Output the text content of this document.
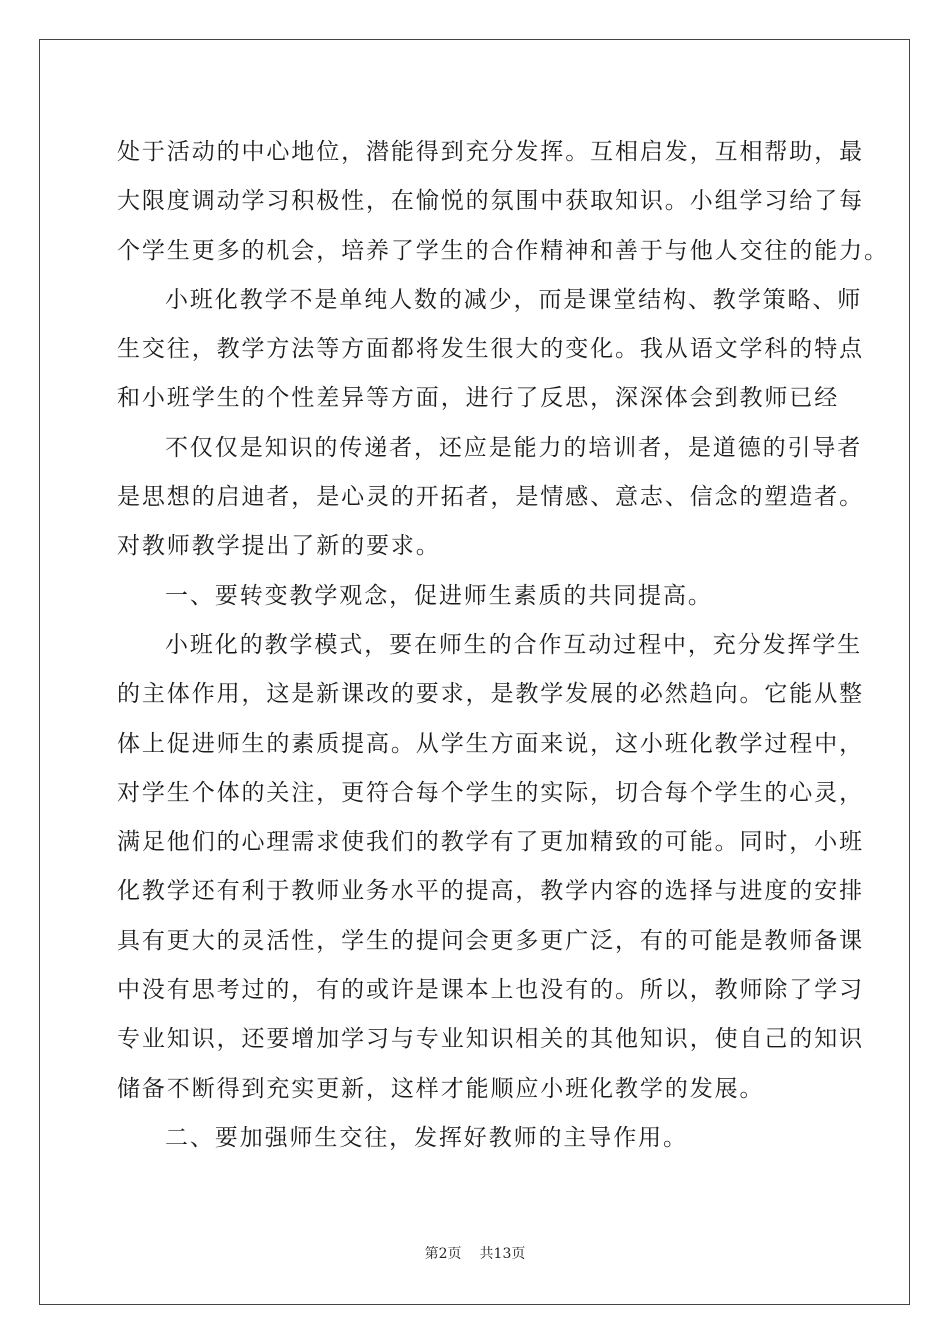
处于活动的中心地位，潜能得到充分发挥。互相启发，互相帮助，最
大限度调动学习积极性，在愉悦的氛围中获取知识。小组学习给了每
个学生更多的机会，培养了学生的合作精神和善于与他人交往的能力。
小班化教学不是单纯人数的减少，而是课堂结构、教学策略、师
生交往，教学方法等方面都将发生很大的变化。我从语文学科的特点
和小班学生的个性差异等方面，进行了反思，深深体会到教师已经
不仅仅是知识的传递者，还应是能力的培训者，是道德的引导者
是思想的启迪者，是心灵的开拓者，是情感、意志、信念的塑造者。
对教师教学提出了新的要求。
一、要转变教学观念，促进师生素质的共同提高。
小班化的教学模式，要在师生的合作互动过程中，充分发挥学生
的主体作用，这是新课改的要求，是教学发展的必然趋向。它能从整
体上促进师生的素质提高。从学生方面来说，这小班化教学过程中，
对学生个体的关注，更符合每个学生的实际，切合每个学生的心灵，
满足他们的心理需求使我们的教学有了更加精致的可能。同时，小班
化教学还有利于教师业务水平的提高，教学内容的选择与进度的安排
具有更大的灵活性，学生的提问会更多更广泛，有的可能是教师备课
中没有思考过的，有的或许是课本上也没有的。所以，教师除了学习
专业知识，还要增加学习与专业知识相关的其他知识，使自己的知识
储备不断得到充实更新，这样才能顺应小班化教学的发展。
二、要加强师生交往，发挥好教师的主导作用。
第2页 共13页
